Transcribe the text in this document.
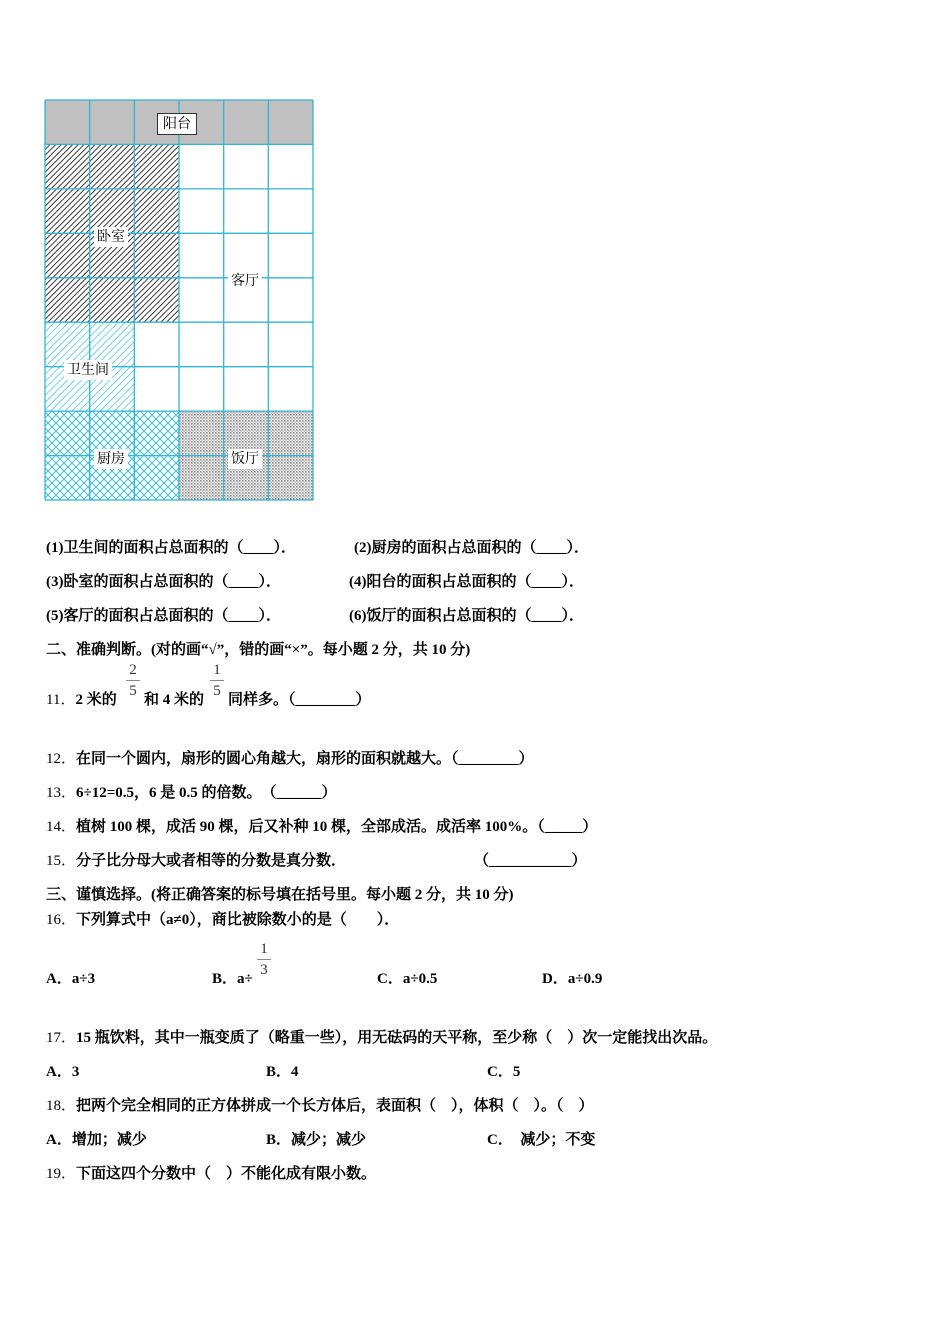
阳台
卧室
客厅
卫生间
厨房	饭厅
(1)卫生间的面积占总面积的（____）．	(2)厨房的面积占总面积的（____）．
(3)卧室的面积占总面积的（____）．	(4)阳台的面积占总面积的（____）．
(5)客厅的面积占总面积的（____）．	(6)饭厅的面积占总面积的（____）．
二、准确判断。(对的画“√”，错的画“×”。每小题 2 分，共 10 分)
11．2 米的
2
5
和 4 米的
1
5
同样多。（________）
12．在同一个圆内，扇形的圆心角越大，扇形的面积就越大。（________）
13．6÷12=0.5，6 是 0.5 的倍数。　（______）
14．植树 100 棵，成活 90 棵，后又补种 10 棵，全部成活。成活率 100%。（_____）
15．分子比分母大或者相等的分数是真分数．	（___________）
三、谨慎选择。(将正确答案的标号填在括号里。每小题 2 分，共 10 分)
16．下列算式中（a≠0），商比被除数小的是（　　）．
A．a÷3	B．a÷
1
3
C．a÷0.5	D．a÷0.9
17．15 瓶饮料，其中一瓶变质了（略重一些），用无砝码的天平称，至少称（　）次一定能找出次品。
A．3	B．4	C．5
18．把两个完全相同的正方体拼成一个长方体后，表面积（　），体积（　）。（　）
A．增加；减少	B．减少；减少	C．　减少；不变
19．下面这四个分数中（　）不能化成有限小数。
